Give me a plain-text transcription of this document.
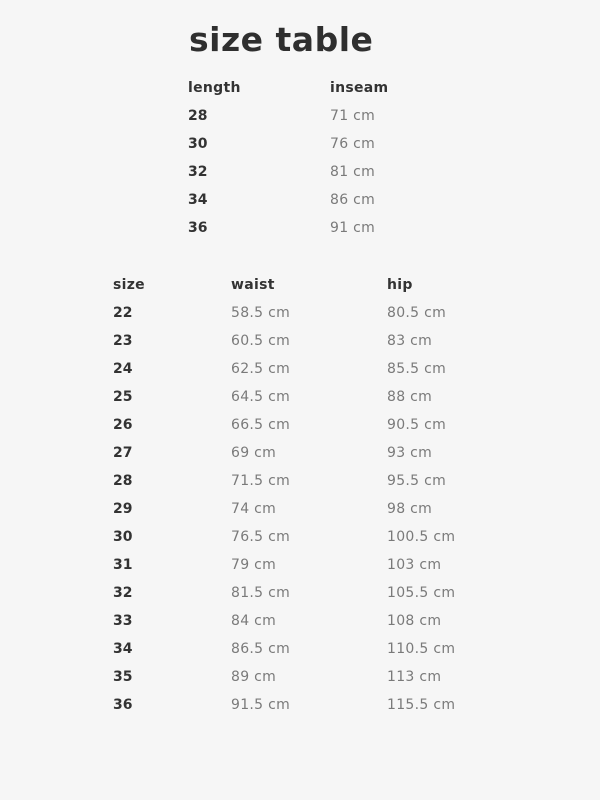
size table
length	inseam
28	71 cm
30	76 cm
32	81 cm
34	86 cm
36	91 cm
size	waist	hip
22	58.5 cm	80.5 cm
23	60.5 cm	83 cm
24	62.5 cm	85.5 cm
25	64.5 cm	88 cm
26	66.5 cm	90.5 cm
27	69 cm	93 cm
28	71.5 cm	95.5 cm
29	74 cm	98 cm
30	76.5 cm	100.5 cm
31	79 cm	103 cm
32	81.5 cm	105.5 cm
33	84 cm	108 cm
34	86.5 cm	110.5 cm
35	89 cm	113 cm
36	91.5 cm	115.5 cm
